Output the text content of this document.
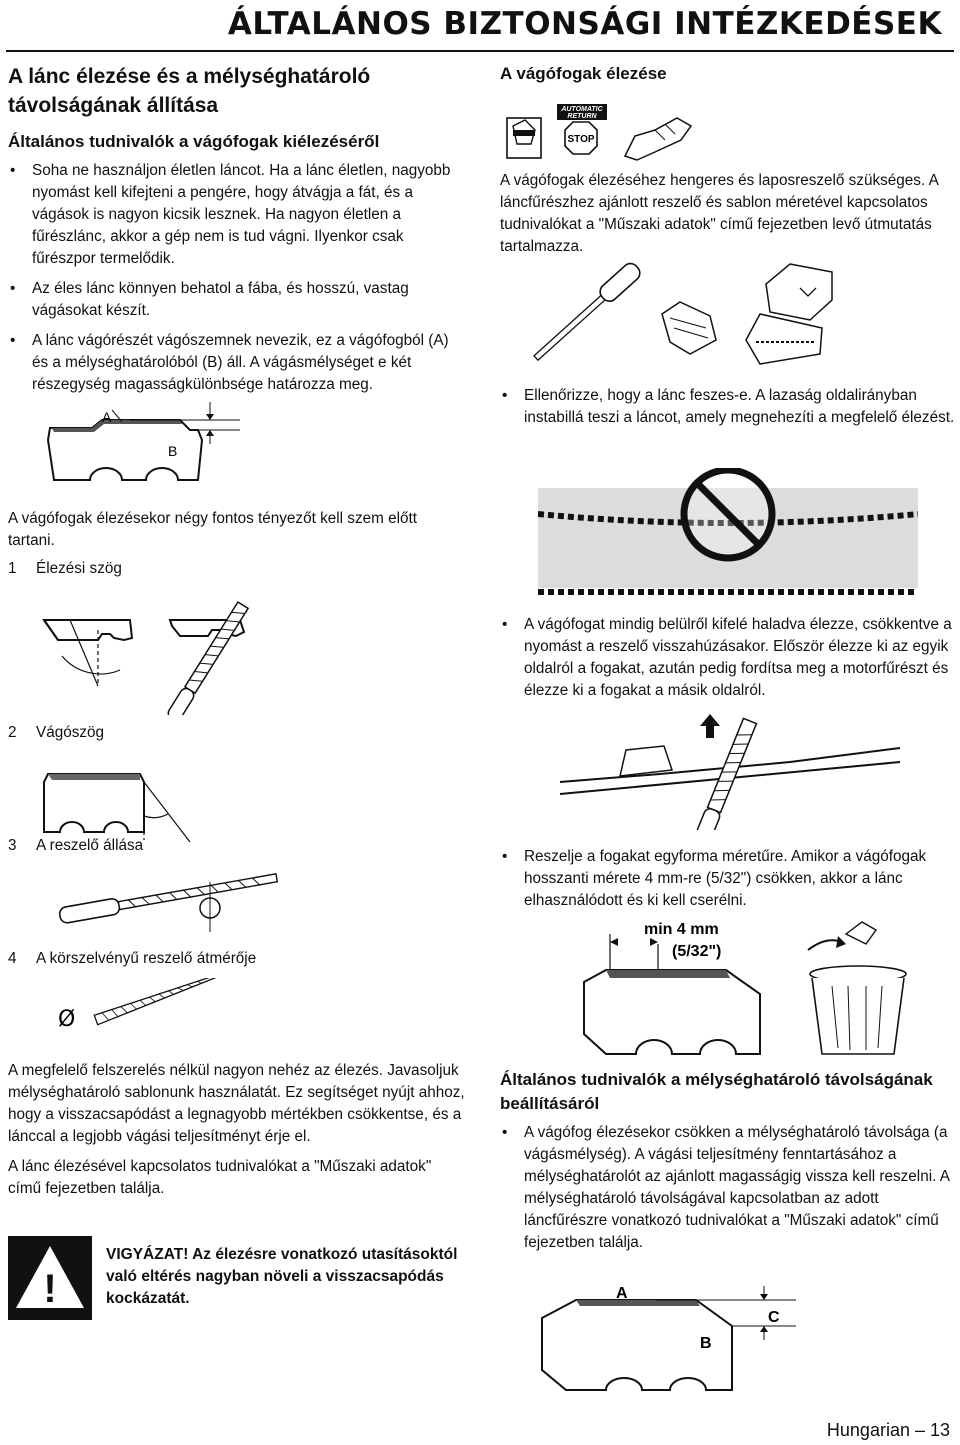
ÁLTALÁNOS BIZTONSÁGI INTÉZKEDÉSEK
A lánc élezése és a mélységhatároló távolságának állítása
Általános tudnivalók a vágófogak kiélezéséről
• Soha ne használjon életlen láncot. Ha a lánc életlen, nagyobb nyomást kell kifejteni a pengére, hogy átvágja a fát, és a vágások is nagyon kicsik lesznek. Ha nagyon életlen a fűrészlánc, akkor a gép nem is tud vágni. Ilyenkor csak fűrészpor termelődik.
• Az éles lánc könnyen behatol a fába, és hosszú, vastag vágásokat készít.
• A lánc vágórészét vágószemnek nevezik, ez a vágófogból (A) és a mélységhatárolóból (B) áll. A vágásmélységet e két részegység magasságkülönbsége határozza meg.
A
B
A vágófogak élezésekor négy fontos tényezőt kell szem előtt tartani.
1 Élezési szög
2 Vágószög
3 A reszelő állása
4 A körszelvényű reszelő átmérője
Ø
A megfelelő felszerelés nélkül nagyon nehéz az élezés. Javasoljuk mélységhatároló sablonunk használatát. Ez segítséget nyújt ahhoz, hogy a visszacsapódást a legnagyobb mértékben csökkentse, és a lánccal a legjobb vágási teljesítményt érje el.
A lánc élezésével kapcsolatos tudnivalókat a "Műszaki adatok" című fejezetben találja.
!
VIGYÁZAT! Az élezésre vonatkozó utasításoktól való eltérés nagyban növeli a visszacsapódás kockázatát.
A vágófogak élezése
AUTOMATIC
RETURN
STOP
A vágófogak élezéséhez hengeres és laposreszelő szükséges. A láncfűrészhez ajánlott reszelő és sablon méretével kapcsolatos tudnivalókat a "Műszaki adatok" című fejezetben levő útmutatás tartalmazza.
• Ellenőrizze, hogy a lánc feszes-e. A lazaság oldalirányban instabillá teszi a láncot, amely megnehezíti a megfelelő élezést.
• A vágófogat mindig belülről kifelé haladva élezze, csökkentve a nyomást a reszelő visszahúzásakor. Először élezze ki az egyik oldalról a fogakat, azután pedig fordítsa meg a motorfűrészt és élezze ki a fogakat a másik oldalról.
• Reszelje a fogakat egyforma méretűre. Amikor a vágófogak hosszanti mérete 4 mm-re (5/32") csökken, akkor a lánc elhasználódott és ki kell cserélni.
min 4 mm
(5/32")
Általános tudnivalók a mélységhatároló távolságának beállításáról
• A vágófog élezésekor csökken a mélységhatároló távolsága (a vágásmélység). A vágási teljesítmény fenntartásához a mélységhatárolót az ajánlott magasságig vissza kell reszelni. A mélységhatároló távolságával kapcsolatban az adott láncfűrészre vonatkozó tudnivalókat a "Műszaki adatok" című fejezetben találja.
A
B
C
Hungarian – 13
